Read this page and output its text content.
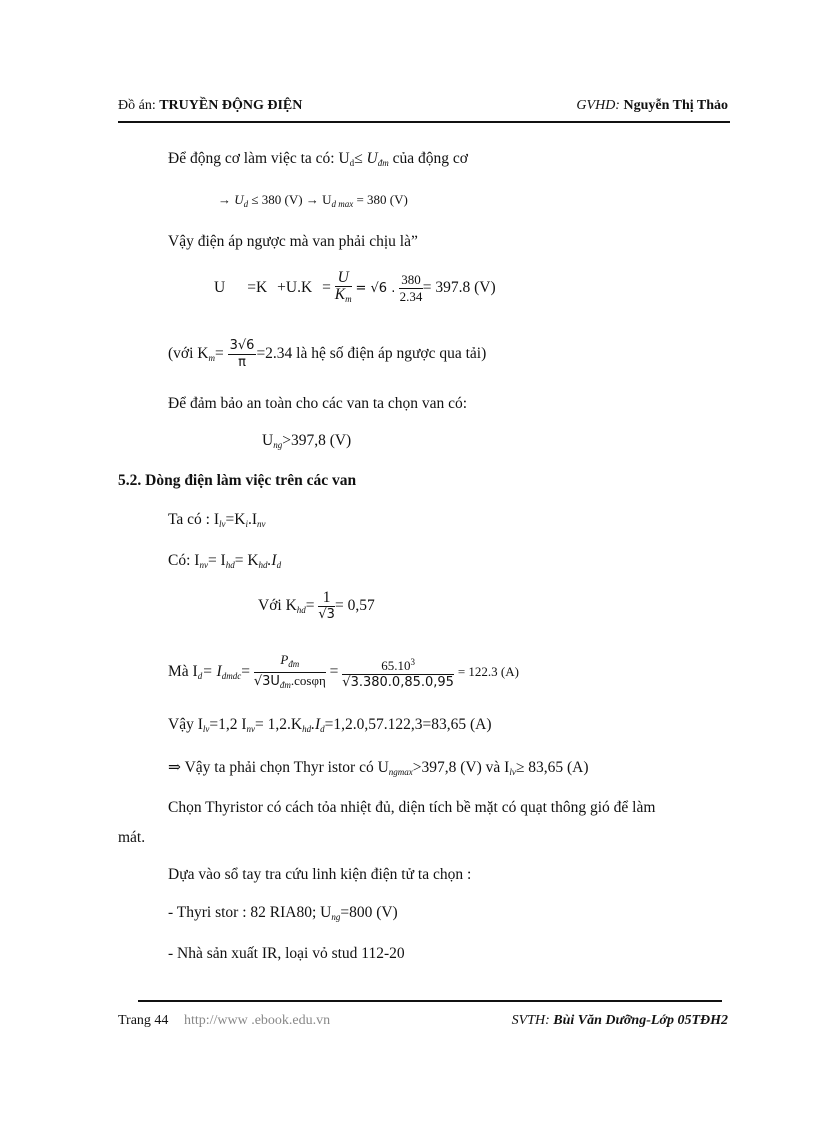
Đồ án: TRUYỀN ĐỘNG ĐIỆN	GVHD: Nguyễn Thị Thảo
Để động cơ làm việc ta có: $U_d\le U_{đm}$ của động cơ
→ $U_d \le 380$ $(V) \to U_{d max} = 380$ (V)
Vậy điện áp ngược mà van phải chịu là”
$U =K +U.K = \frac{U}{K_m} = √6$ . $\frac{380}{2.34} = 397.8$ (V)
(với $K_m= \frac{3√6}{\pi} =2.34$ là hệ số điện áp ngược qua tải)
Để đảm bảo an toàn cho các van ta chọn van có:
$U_{ng}>397,8$ (V)
5.2. Dòng điện làm việc trên các van
Ta có : $I_{lv}=K_i.I_{nv}$
Có: $I_{nv}= I_{hd}= K_{hd}.I_d$
Với $K_{hd}= \frac{1}{√3} = 0,57$
Mà $I_d= I_{dmdc}= \frac{P_{đm}}{√3U_{đm}.\cos\varphi\eta} = \frac{65.10^3}{√3.380.0,85.0,95} = 122.3$ (A)
Vậy $I_{lv}=1,2$ $I_{nv}= 1,2.K_{hd}.I_d=1,2.0,57.122,3=83,65$ (A)
⇒ Vậy ta phải chọn Thyr istor có $U_{ngmax}>397,8$ (V) và $I_{lv}\ge 83,65$ (A)
Chọn Thyristor có cách tỏa nhiệt đủ, diện tích bề mặt có quạt thông gió để làm
mát.
Dựa vào sổ tay tra cứu linh kiện điện tử ta chọn :
- Thyri stor : 82 RIA80; $U_{ng}=800$ (V)
- Nhà sản xuất IR, loại vỏ stud 112-20
Trang 44 http://www .ebook.edu.vn	SVTH: Bùi Văn Dưỡng-Lớp 05TĐH2
